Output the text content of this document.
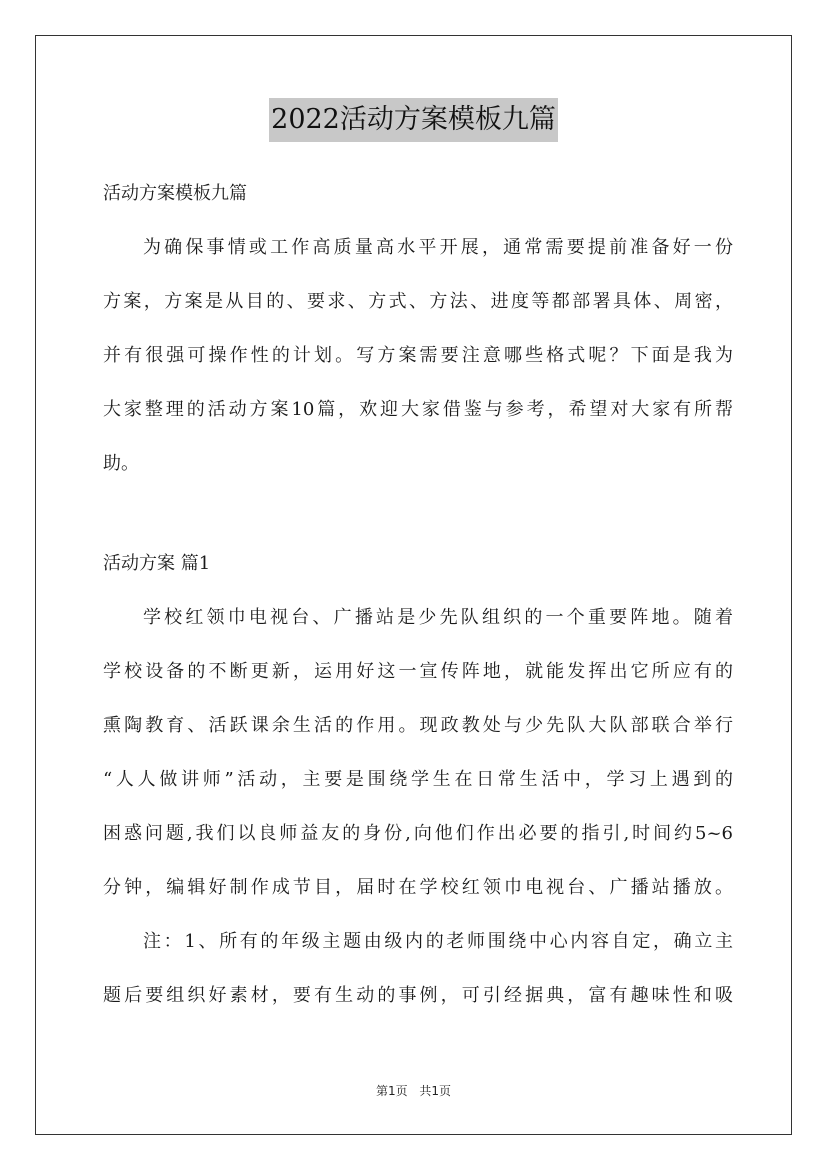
2022活动方案模板九篇
活动方案模板九篇
为确保事情或工作高质量高水平开展，通常需要提前准备好一份
方案，方案是从目的、要求、方式、方法、进度等都部署具体、周密，
并有很强可操作性的计划。写方案需要注意哪些格式呢？下面是我为
大家整理的活动方案10篇，欢迎大家借鉴与参考，希望对大家有所帮
助。
活动方案 篇1
学校红领巾电视台、广播站是少先队组织的一个重要阵地。随着
学校设备的不断更新，运用好这一宣传阵地，就能发挥出它所应有的
熏陶教育、活跃课余生活的作用。现政教处与少先队大队部联合举行
“人人做讲师”活动，主要是围绕学生在日常生活中，学习上遇到的
困惑问题,我们以良师益友的身份,向他们作出必要的指引,时间约5~6
分钟，编辑好制作成节目，届时在学校红领巾电视台、广播站播放。
注：1、所有的年级主题由级内的老师围绕中心内容自定，确立主
题后要组织好素材，要有生动的事例，可引经据典，富有趣味性和吸
第1页 共1页
